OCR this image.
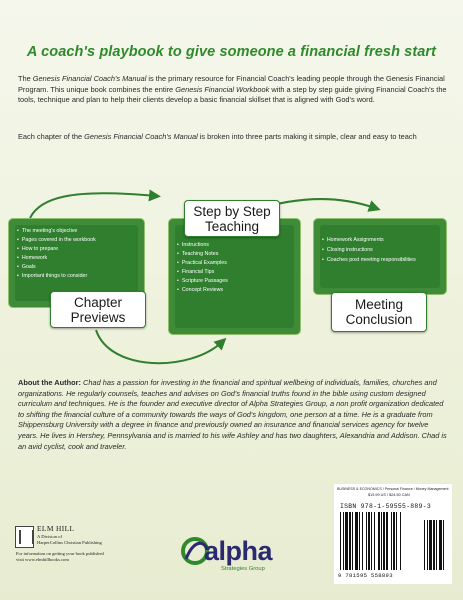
A coach's playbook to give someone a financial fresh start

The Genesis Financial Coach's Manual is the primary resource for Financial Coach's leading people through the Genesis Financial Program. This unique book combines the entire Genesis Financial Workbook with a step by step guide giving Financial Coach's the tools, technique and plan to help their clients develop a basic financial skillset that is aligned with God's word.

Each chapter of the Genesis Financial Coach's Manual is broken into three parts making it simple, clear and easy to teach

• The meeting's objective
• Pages covered in the workbook
• How to prepare
• Homework
• Goals
• Important things to consider
• Instructions
• Teaching Notes
• Practical Examples
• Financial Tips
• Scripture Passages
• Concept Reviews
• Homework Assignments
• Closing instructions
• Coaches post meeting responsibilities
Chapter
Previews
Step by Step
Teaching
Meeting
Conclusion

About the Author: Chad has a passion for investing in the financial and spiritual wellbeing of individuals, families, churches and organizations. He regularly counsels, teaches and advises on God's financial truths found in the bible using custom designed curriculum and techniques. He is the founder and executive director of Alpha Strategies Group, a non profit organization dedicated to shifting the financial culture of a community towards the ways of God's kingdom, one person at a time. He is a graduate from Shippensburg University with a degree in finance and previously owned an insurance and financial services agency for twelve years. He lives in Hershey, Pennsylvania and is married to his wife Ashley and has two daughters, Alexandria and Addison. Chad is an avid cyclist, cook and traveler.

ELM HILL
A Division of
HarperCollins Christian Publishing
For information on getting your book published
visit www.elmhillbooks.com	alpha
Strategies Group
BUSINESS & ECONOMICS / Personal Finance / Money Management
$19.99 US / $24.50 CAN
ISBN 978-1-59555-889-3
9 781595 558893
